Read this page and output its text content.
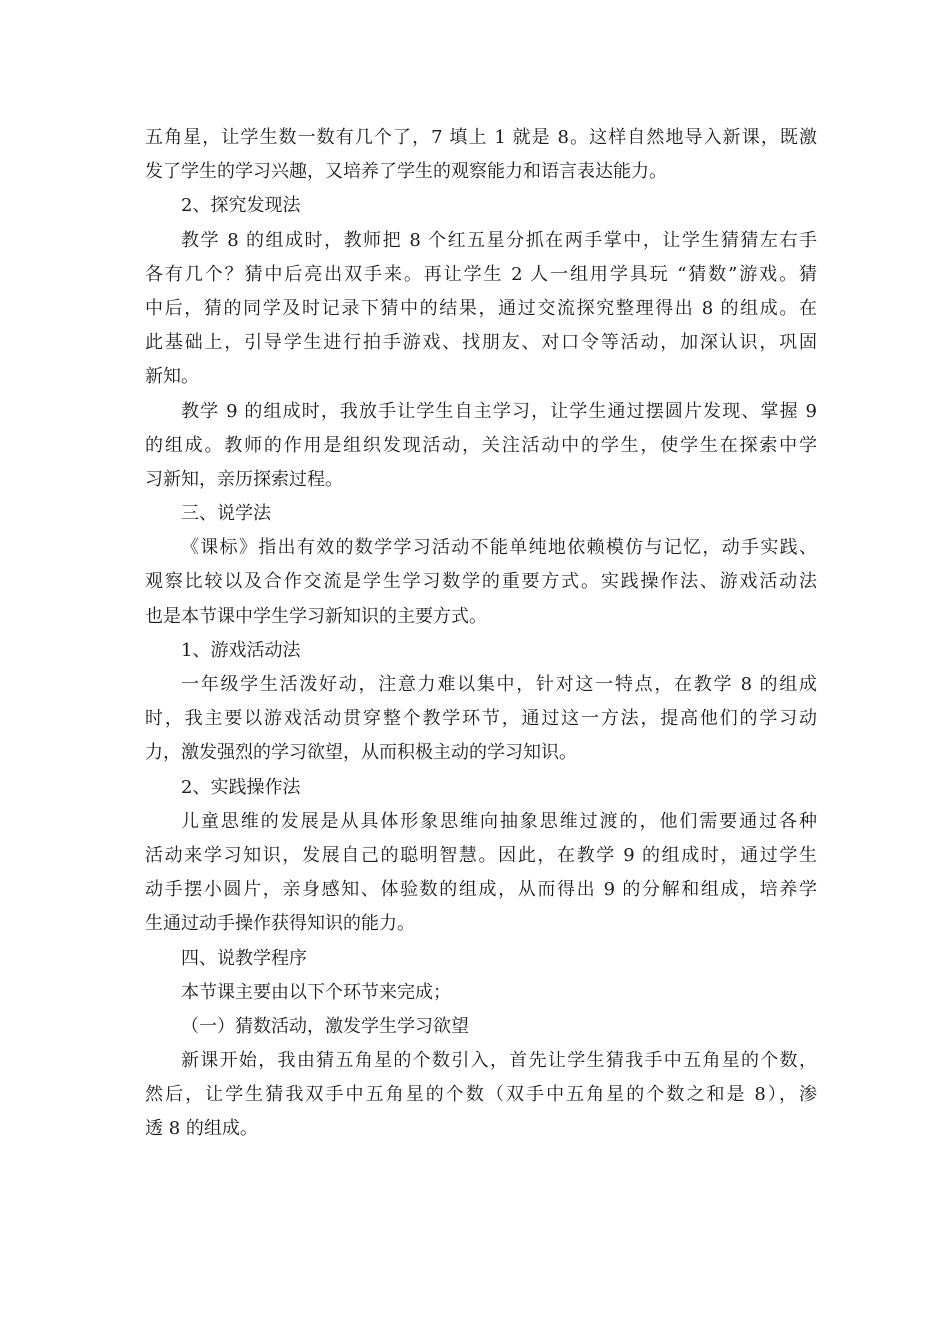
五角星，让学生数一数有几个了，7 填上 1 就是 8。这样自然地导入新课，既激
发了学生的学习兴趣，又培养了学生的观察能力和语言表达能力。
2、探究发现法
教学 8 的组成时，教师把 8 个红五星分抓在两手掌中，让学生猜猜左右手
各有几个？猜中后亮出双手来。再让学生 2 人一组用学具玩 “猜数”游戏。猜
中后，猜的同学及时记录下猜中的结果，通过交流探究整理得出 8 的组成。在
此基础上，引导学生进行拍手游戏、找朋友、对口令等活动，加深认识，巩固
新知。
教学 9 的组成时，我放手让学生自主学习，让学生通过摆圆片发现、掌握 9
的组成。教师的作用是组织发现活动，关注活动中的学生，使学生在探索中学
习新知，亲历探索过程。
三、说学法
《课标》指出有效的数学学习活动不能单纯地依赖模仿与记忆，动手实践、
观察比较以及合作交流是学生学习数学的重要方式。实践操作法、游戏活动法
也是本节课中学生学习新知识的主要方式。
1、游戏活动法
一年级学生活泼好动，注意力难以集中，针对这一特点，在教学 8 的组成
时，我主要以游戏活动贯穿整个教学环节，通过这一方法，提高他们的学习动
力，激发强烈的学习欲望，从而积极主动的学习知识。
2、实践操作法
儿童思维的发展是从具体形象思维向抽象思维过渡的，他们需要通过各种
活动来学习知识，发展自己的聪明智慧。因此，在教学 9 的组成时，通过学生
动手摆小圆片，亲身感知、体验数的组成，从而得出 9 的分解和组成，培养学
生通过动手操作获得知识的能力。
四、说教学程序
本节课主要由以下个环节来完成；
（一）猜数活动，激发学生学习欲望
新课开始，我由猜五角星的个数引入，首先让学生猜我手中五角星的个数，
然后，让学生猜我双手中五角星的个数（双手中五角星的个数之和是 8），渗
透 8 的组成。
